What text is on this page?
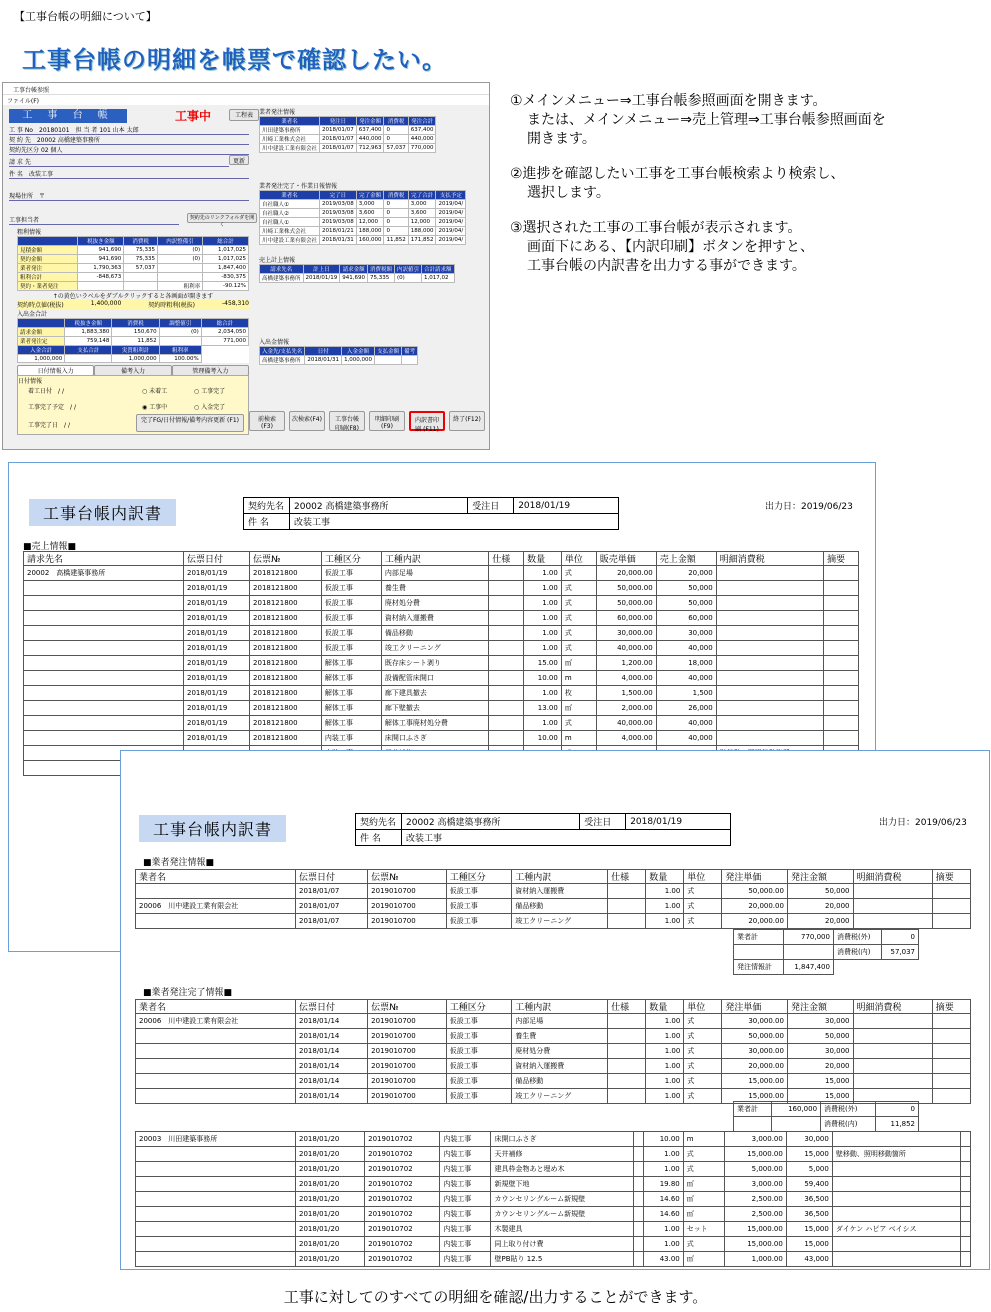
【工事台帳の明細について】
工事台帳の明細を帳票で確認したい。
工事台帳参照
ファイル(F)
工 事 台 帳	工事中	工程表
工 事 No　 20180101　 担 当 者 101 山本 太郎
契 約 先　 20002 高橋建築事務所
契約先区分 02 個人
請 求 先	更新
件 名　 改装工事
現場住所　 〒
工事担当者	契約先のリンクフォルダを開く
粗利情報
	税抜き金額	消費税	内訳整備引	総合計
見積金額	941,690	75,335	(0)	1,017,025
契約金額	941,690	75,335	(0)	1,017,025
業者発注	1,790,363	57,037		1,847,400
粗利合計	-848,673			-830,375
契約・業者発注			粗利率	-90.12%
↑の黄色いラベルをダブルクリックすると各画面が開きます
契約時点値(税抜)	1,400,000	契約時粗利(税抜)	-458,310
入出金合計
	税抜き金額	消費税	調整値引	総合計
請求金額	1,883,380	150,670	(0)	2,034,050
業者発注定	759,148	11,852		771,000
入金合計	支払合計	実質粗利計	粗利率	
1,000,000		1,000,000	100.00%	
日付情報入力	備考入力	管理備考入力
日付情報
着工日付　 / /
工事完了予定　 / /
工事完了日　 / /
○ 未着工	○ 工事完了
◉ 工事中	○ 入金完了
完了FG/日付情報/備考内容更新 (F1)
業者発注情報
業者名	発注日	発注金額	消費税	発注合計
川田建築事務所	2018/01/07	637,400	0	637,400
川崎工業株式会社	2018/01/07	440,000	0	440,000
川中建設工業有限会社	2018/01/07	712,963	57,037	770,000
業者発注完了・作業日報情報
業者名	完了日	完了金額	消費税	完了合計	支払予定
自社職人①	2019/03/08	3,000	0	3,000	2019/04/
自社職人②	2019/03/08	3,600	0	3,600	2019/04/
自社職人①	2019/03/08	12,000	0	12,000	2019/04/
川崎工業株式会社	2018/01/21	188,000	0	188,000	2019/04/
川中建設工業有限会社	2018/01/31	160,000	11,852	171,852	2019/04/
売上計上情報
請求先名	計上日	請求金額	消費税額	内訳値引	合計請求額
高橋建築事務所	2018/01/19	941,690	75,335	(0)	1,017,02
入出金情報
入金先/支払先名	日付	入金金額	支払金額	備考
高橋建築事務所	2018/01/31	1,000,000		
前検索 (F3)
次検索(F4)	工事台帳 印刷(F8)
明細印刷 (F9)
内訳書印刷 (F11)
終了(F12)

①メインメニュー⇒工事台帳参照画面を開きます。
または、メインメニュー⇒売上管理⇒工事台帳参照画面を
開きます。

②進捗を確認したい工事を工事台帳検索より検索し、
選択します。

③選択された工事の工事台帳が表示されます。
画面下にある、【内訳印刷】ボタンを押すと、
工事台帳の内訳書を出力する事ができます。

工事台帳内訳書	契約先名	20002 高橋建築事務所	受注日	2018/01/19
件 名	改装工事		
出力日：2019/06/23
■売上情報■
請求先名	伝票日付	伝票№	工種区分	工種内訳	仕様	数量	単位	販売単価	売上金額	明細消費税	摘要
20002　高橋建築事務所	2018/01/19	2018121800	仮設工事	内部足場		1.00	式	20,000.00	20,000		
	2018/01/19	2018121800	仮設工事	養生費		1.00	式	50,000.00	50,000		
	2018/01/19	2018121800	仮設工事	廃材処分費		1.00	式	50,000.00	50,000		
	2018/01/19	2018121800	仮設工事	資材納入運搬費		1.00	式	60,000.00	60,000		
	2018/01/19	2018121800	仮設工事	備品移動		1.00	式	30,000.00	30,000		
	2018/01/19	2018121800	仮設工事	竣工クリーニング		1.00	式	40,000.00	40,000		
	2018/01/19	2018121800	解体工事	既存床シート剥り		15.00	㎡	1,200.00	18,000		
	2018/01/19	2018121800	解体工事	設備配管床開口		10.00	m	4,000.00	40,000		
	2018/01/19	2018121800	解体工事	廊下建具撤去		1.00	枚	1,500.00	1,500		
	2018/01/19	2018121800	解体工事	廊下壁撤去		13.00	㎡	2,000.00	26,000		
	2018/01/19	2018121800	解体工事	解体工事廃材処分費		1.00	式	40,000.00	40,000		
	2018/01/19	2018121800	内装工事	床開口ふさぎ		10.00	m	4,000.00	40,000		

工事台帳内訳書	契約先名	20002 高橋建築事務所	受注日	2018/01/19
件 名	改装工事		
出力日：2019/06/23
■業者発注情報■
業者名	伝票日付	伝票№	工種区分	工種内訳	仕様	数量	単位	発注単価	発注金額	明細消費税	摘要
	2018/01/07	2019010700	仮設工事	資材納入運搬費		1.00	式	50,000.00	50,000		
20006　川中建設工業有限会社	2018/01/07	2019010700	仮設工事	備品移動		1.00	式	20,000.00	20,000		
	2018/01/07	2019010700	仮設工事	竣工クリーニング		1.00	式	20,000.00	20,000		
業者計	770,000	消費税(外)	0
		消費税(内)	57,037
発注情報計	1,847,400		
■業者発注完了情報■
業者名	伝票日付	伝票№	工種区分	工種内訳	仕様	数量	単位	発注単価	発注金額	明細消費税	摘要
20006　川中建設工業有限会社	2018/01/14	2019010700	仮設工事	内部足場		1.00	式	30,000.00	30,000		
	2018/01/14	2019010700	仮設工事	養生費		1.00	式	50,000.00	50,000		
	2018/01/14	2019010700	仮設工事	廃材処分費		1.00	式	30,000.00	30,000		
	2018/01/14	2019010700	仮設工事	資材納入運搬費		1.00	式	20,000.00	20,000		
	2018/01/14	2019010700	仮設工事	備品移動		1.00	式	15,000.00	15,000		
	2018/01/14	2019010700	仮設工事	竣工クリーニング		1.00	式	15,000.00	15,000		
業者計	160,000	消費税(外)	0
		消費税(内)	11,852
20003　川田建築事務所	2018/01/20	2019010702	内装工事	床開口ふさぎ		10.00	m	3,000.00	30,000		
	2018/01/20	2019010702	内装工事	天井補修		1.00	式	15,000.00	15,000	壁移動、照明移動箇所	
	2018/01/20	2019010702	内装工事	建具枠金物あと埋め木		1.00	式	5,000.00	5,000		
	2018/01/20	2019010702	内装工事	新規壁下地		19.80	㎡	3,000.00	59,400		
	2018/01/20	2019010702	内装工事	カウンセリングルーム新規壁		14.60	㎡	2,500.00	36,500		
	2018/01/20	2019010702	内装工事	カウンセリングルーム新規壁		14.60	㎡	2,500.00	36,500		
	2018/01/20	2019010702	内装工事	木製建具		1.00	セット	15,000.00	15,000	ダイケン ハピア ベイシス	
	2018/01/20	2019010702	内装工事	同上取り付け費		1.00	式	15,000.00	15,000		
	2018/01/20	2019010702	内装工事	壁PB貼り 12.5		43.00	㎡	1,000.00	43,000		
工事に対してのすべての明細を確認/出力することができます。
